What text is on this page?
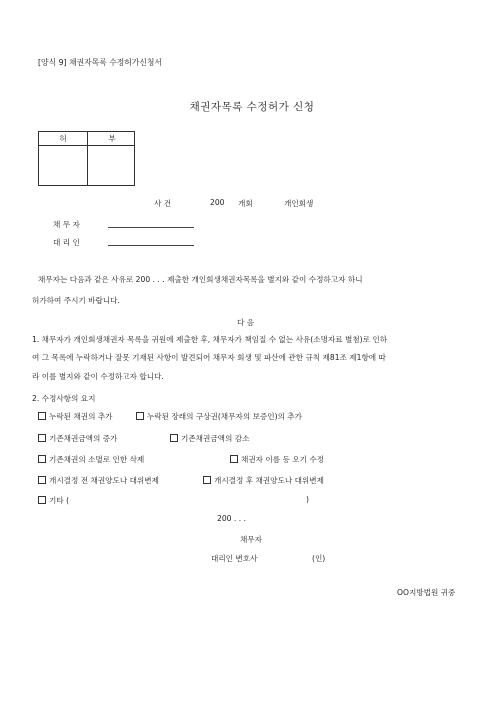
[양식 9] 채권자목록 수정허가신청서
채권자목록 수정허가 신청
허	부
사 건	200 개회	개인회생
채 무 자
대 리 인
채무자는 다음과 같은 사유로 200 . . . 제출한 개인회생채권자목록을 별지와 같이 수정하고자 하니
허가하여 주시기 바랍니다.
다 음
1. 채무자가 개인회생채권자 목록을 귀원에 제출한 후, 채무자가 책임질 수 없는 사유(소명자료 별첨)로 인하
여 그 목록에 누락하거나 잘못 기재된 사항이 발견되어 채무자 회생 및 파산에 관한 규칙 제81조 제1항에 따
라 이를 별지와 같이 수정하고자 합니다.
2. 수정사항의 요지
누락된 채권의 추가	누락된 장래의 구상권(채무자의 보증인)의 추가
기존채권금액의 증가	기존채권금액의 감소
기존채권의 소멸로 인한 삭제	채권자 이름 등 오기 수정
개시결정 전 채권양도나 대위변제	개시결정 후 채권양도나 대위변제
기타 (	)
200 . . .
채무자
대리인 변호사	(인)
OO지방법원 귀중
